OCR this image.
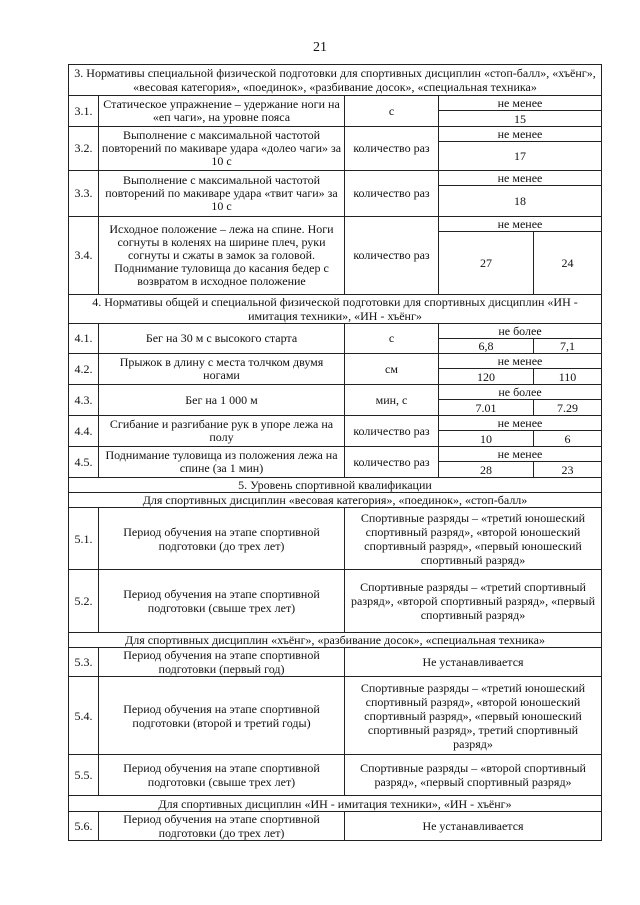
21
3. Нормативы специальной физической подготовки для спортивных дисциплин «стоп-балл», «хъёнг», «весовая категория», «поединок», «разбивание досок», «специальная техника»				
3.1.	Статическое упражнение – удержание ноги на «еп чаги», на уровне пояса	с	не менее	
			15	
3.2.	Выполнение с максимальной частотой повторений по макиваре удара «долео чаги» за 10 с	количество раз	не менее	
			17	
3.3.	Выполнение с максимальной частотой повторений по макиваре удара «твит чаги» за 10 с	количество раз	не менее	
			18	
3.4.	Исходное положение – лежа на спине. Ноги согнуты в коленях на ширине плеч, руки согнуты и сжаты в замок за головой. Поднимание туловища до касания бедер с возвратом в исходное положение	количество раз	не менее	
			27	24
4. Нормативы общей и специальной физической подготовки для спортивных дисциплин «ИН - имитация техники», «ИН - хъёнг»				
4.1.	Бег на 30 м с высокого старта	с	не более	
			6,8	7,1
4.2.	Прыжок в длину с места толчком двумя ногами	см	не менее	
			120	110
4.3.	Бег на 1 000 м	мин, с	не более	
			7.01	7.29
4.4.	Сгибание и разгибание рук в упоре лежа на полу	количество раз	не менее	
			10	6
4.5.	Поднимание туловища из положения лежа на спине (за 1 мин)	количество раз	не менее	
			28	23
5. Уровень спортивной квалификации				
Для спортивных дисциплин «весовая категория», «поединок», «стоп-балл»				
5.1.	Период обучения на этапе спортивной подготовки (до трех лет)	Спортивные разряды – «третий юношеский спортивный разряд», «второй юношеский спортивный разряд», «первый юношеский спортивный разряд»		
5.2.	Период обучения на этапе спортивной подготовки (свыше трех лет)	Спортивные разряды – «третий спортивный разряд», «второй спортивный разряд», «первый спортивный разряд»		
Для спортивных дисциплин «хъёнг», «разбивание досок», «специальная техника»				
5.3.	Период обучения на этапе спортивной подготовки (первый год)	Не устанавливается		
5.4.	Период обучения на этапе спортивной подготовки (второй и третий годы)	Спортивные разряды – «третий юношеский спортивный разряд», «второй юношеский спортивный разряд», «первый юношеский спортивный разряд», третий спортивный разряд»		
5.5.	Период обучения на этапе спортивной подготовки (свыше трех лет)	Спортивные разряды – «второй спортивный разряд», «первый спортивный разряд»		
Для спортивных дисциплин «ИН - имитация техники», «ИН - хъёнг»				
5.6.	Период обучения на этапе спортивной подготовки (до трех лет)	Не устанавливается		
